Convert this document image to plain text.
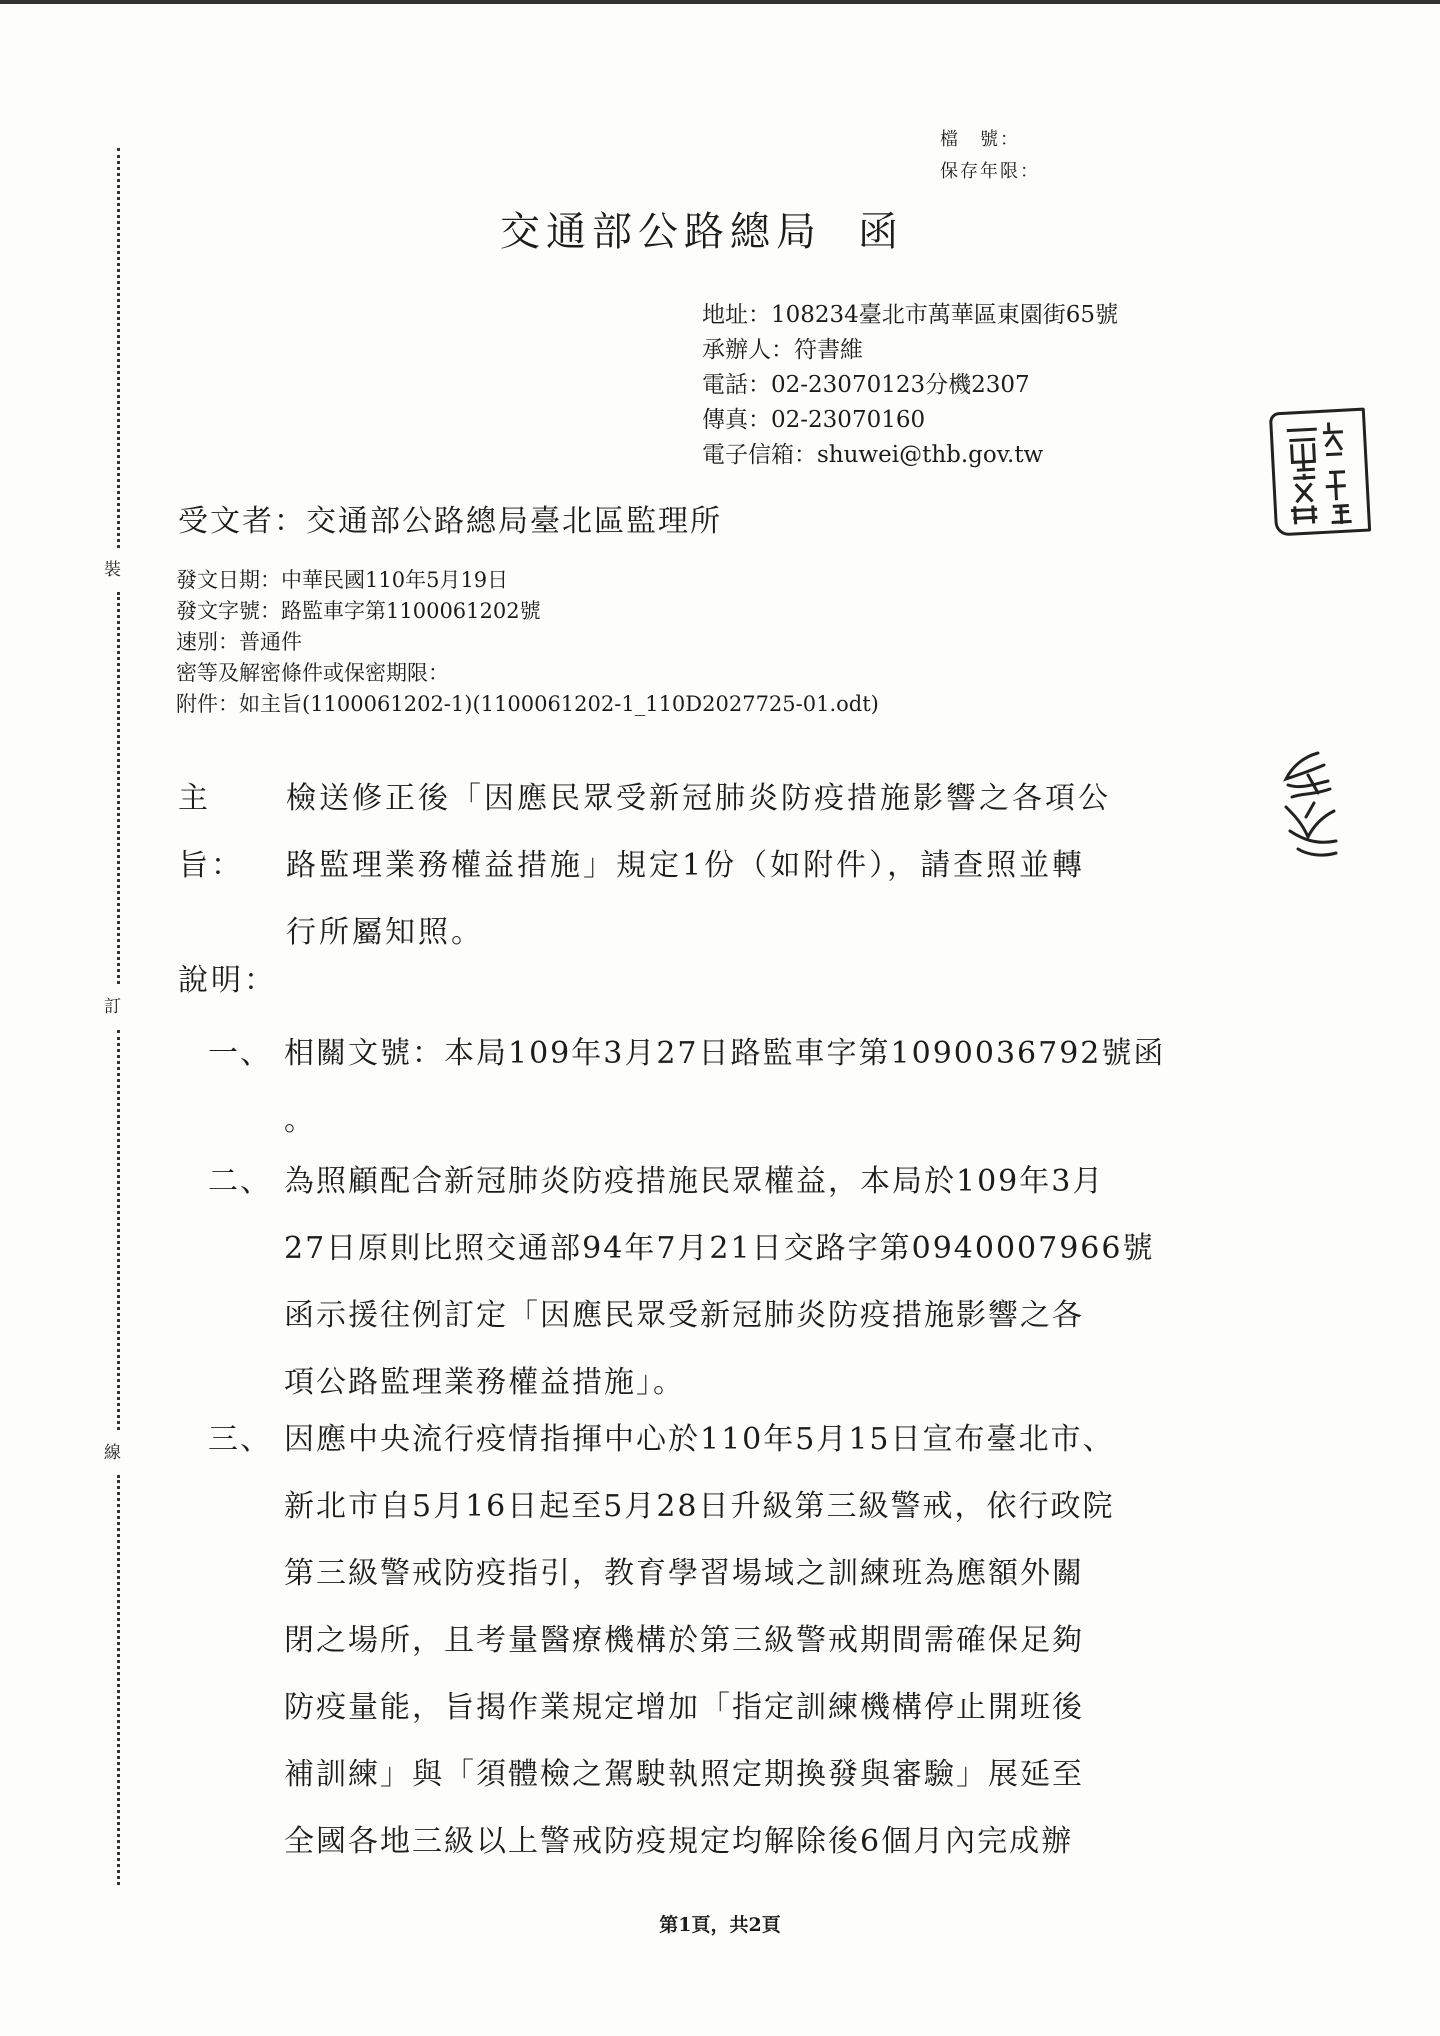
裝
訂
線
檔　號：
保存年限：
交通部公路總局 函
地址：108234臺北市萬華區東園街65號
承辦人：符書維
電話：02-23070123分機2307
傳真：02-23070160
電子信箱：shuwei@thb.gov.tw
受文者：交通部公路總局臺北區監理所
發文日期：中華民國110年5月19日
發文字號：路監車字第1100061202號
速別：普通件
密等及解密條件或保密期限：
附件：如主旨(1100061202-1)(1100061202-1_110D2027725-01.odt)
主旨：
檢送修正後「因應民眾受新冠肺炎防疫措施影響之各項公
路監理業務權益措施」規定1份（如附件），請查照並轉
行所屬知照。
說明：
一、 相關文號：本局109年3月27日路監車字第1090036792號函
。
二、 為照顧配合新冠肺炎防疫措施民眾權益，本局於109年3月
27日原則比照交通部94年7月21日交路字第0940007966號
函示援往例訂定「因應民眾受新冠肺炎防疫措施影響之各
項公路監理業務權益措施」。
三、 因應中央流行疫情指揮中心於110年5月15日宣布臺北市、
新北市自5月16日起至5月28日升級第三級警戒，依行政院
第三級警戒防疫指引，教育學習場域之訓練班為應額外關
閉之場所，且考量醫療機構於第三級警戒期間需確保足夠
防疫量能，旨揭作業規定增加「指定訓練機構停止開班後
補訓練」與「須體檢之駕駛執照定期換發與審驗」展延至
全國各地三級以上警戒防疫規定均解除後6個月內完成辦
第1頁，共2頁
